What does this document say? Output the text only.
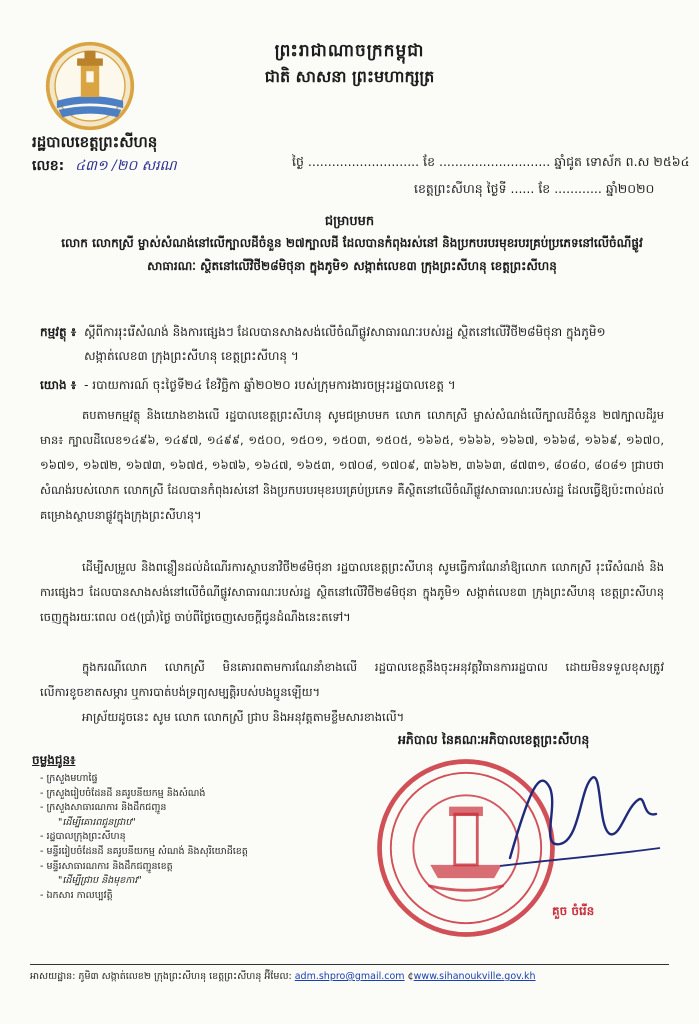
ព្រះរាជាណាចក្រកម្ពុជា
ជាតិ សាសនា ព្រះមហាក្សត្រ
រដ្ឋបាលខេត្តព្រះសីហនុ
លេខ: ៤៣១ /២០ សរណ	ថ្ងៃ ............................ ខែ ............................ ឆ្នាំជូត ទោស័ក ព.ស ២៥៦៤
ខេត្តព្រះសីហនុ ថ្ងៃទី ...... ខែ ............ ឆ្នាំ២០២០
ជម្រាបមក
លោក លោកស្រី ម្ចាស់សំណង់នៅលើក្បាលដីចំនួន ២៧ក្បាលដី ដែលបានកំពុងរស់នៅ និងប្រកបរបរមុខរបរគ្រប់ប្រភេទនៅលើចំណីផ្លូវសាធារណៈ ស្ថិតនៅលើវិថី២៨មិថុនា ក្នុងភូមិ១ សង្កាត់លេខ៣ ក្រុងព្រះសីហនុ ខេត្តព្រះសីហនុ
កម្មវត្ថុ ៖ ស្តីពីការរុះរើសំណង់ និងការផ្សេងៗ ដែលបានសាងសង់លើចំណីផ្លូវសាធារណៈរបស់រដ្ឋ ស្ថិតនៅលើវិថី២៨មិថុនា ក្នុងភូមិ១ សង្កាត់លេខ៣ ក្រុងព្រះសីហនុ ខេត្តព្រះសីហនុ ។
យោង ៖ - របាយការណ៍ ចុះថ្ងៃទី២៤ ខែវិច្ឆិកា ឆ្នាំ២០២០ របស់ក្រុមការងារចម្រុះរដ្ឋបាលខេត្ត ។
តបតាមកម្មវត្ថុ និងយោងខាងលើ រដ្ឋបាលខេត្តព្រះសីហនុ សូមជម្រាបមក លោក លោកស្រី ម្ចាស់សំណង់លើក្បាលដីចំនួន ២៧ក្បាលដីរួមមាន៖ ក្បាលដីលេខ១៤៩៦, ១៤៩៧, ១៤៩៩, ១៥០០, ១៥០១, ១៥០៣, ១៥០៥, ១៦៦៥, ១៦៦៦, ១៦៦៧, ១៦៦៨, ១៦៦៩, ១៦៧០, ១៦៧១, ១៦៧២, ១៦៧៣, ១៦៧៥, ១៦៧៦, ១៦៤៧, ១៦៥៣, ១៧០៨, ១៧០៩, ៣៦៦២, ៣៦៦៣, ៨៧៣១, ៨០៨០, ៨០៨១ ជ្រាបថា សំណង់របស់លោក លោកស្រី ដែលបានកំពុងរស់នៅ និងប្រកបរបរមុខរបរគ្រប់ប្រភេទ គឺស្ថិតនៅលើចំណីផ្លូវសាធារណៈរបស់រដ្ឋ ដែលធ្វើឱ្យប៉ះពាល់ដល់គម្រោងស្ថាបនាផ្លូវក្នុងក្រុងព្រះសីហនុ។
ដើម្បីសម្រួល និងពន្លឿនដល់ដំណើរការស្ថាបនាវិថី២៨មិថុនា រដ្ឋបាលខេត្តព្រះសីហនុ សូមធ្វើការណែនាំឱ្យលោក លោកស្រី រុះរើសំណង់ និងការផ្សេងៗ ដែលបានសាងសង់នៅលើចំណីផ្លូវសាធារណៈរបស់រដ្ឋ ស្ថិតនៅលើវិថី២៨មិថុនា ក្នុងភូមិ១ សង្កាត់លេខ៣ ក្រុងព្រះសីហនុ ខេត្តព្រះសីហនុ ចេញក្នុងរយៈពេល ០៥(ប្រាំ)ថ្ងៃ ចាប់ពីថ្ងៃចេញសេចក្តីជូនដំណឹងនេះតទៅ។
ក្នុងករណីលោក លោកស្រី មិនគោរពតាមការណែនាំខាងលើ រដ្ឋបាលខេត្តនឹងចុះអនុវត្តវិធានការរដ្ឋបាល ដោយមិនទទួលខុសត្រូវលើការខូចខាតសម្ភារ ឬការបាត់បង់ទ្រព្យសម្បត្តិរបស់បងប្អូនឡើយ។
អាស្រ័យដូចនេះ សូម លោក លោកស្រី ជ្រាប និងអនុវត្តតាមខ្លឹមសារខាងលើ។
អភិបាល នៃគណៈអភិបាលខេត្តព្រះសីហនុ
គួច ចំរើន
ចម្លងជូន៖
- ក្រសួងមហាផ្ទៃ
- ក្រសួងរៀបចំដែនដី នគរូបនីយកម្ម និងសំណង់
- ក្រសួងសាធារណការ និងដឹកជញ្ជូន
"ដើម្បីគោរពជូនជ្រាប"
- រដ្ឋបាលក្រុងព្រះសីហនុ
- មន្ទីររៀបចំដែនដី នគរូបនីយកម្ម សំណង់ និងសុរិយោដីខេត្ត
- មន្ទីរសាធារណការ និងដឹកជញ្ជូនខេត្ត
"ដើម្បីជ្រាប និងមុខការ"
- ឯកសារ កាលប្បវត្តិ
អាសយដ្ឋាន: ភូមិ៣ សង្កាត់លេខ២ ក្រុងព្រះសីហនុ ខេត្តព្រះសីហនុ អ៊ីមែល: adm.shpro@gmail.com ¢www.sihanoukville.gov.kh
